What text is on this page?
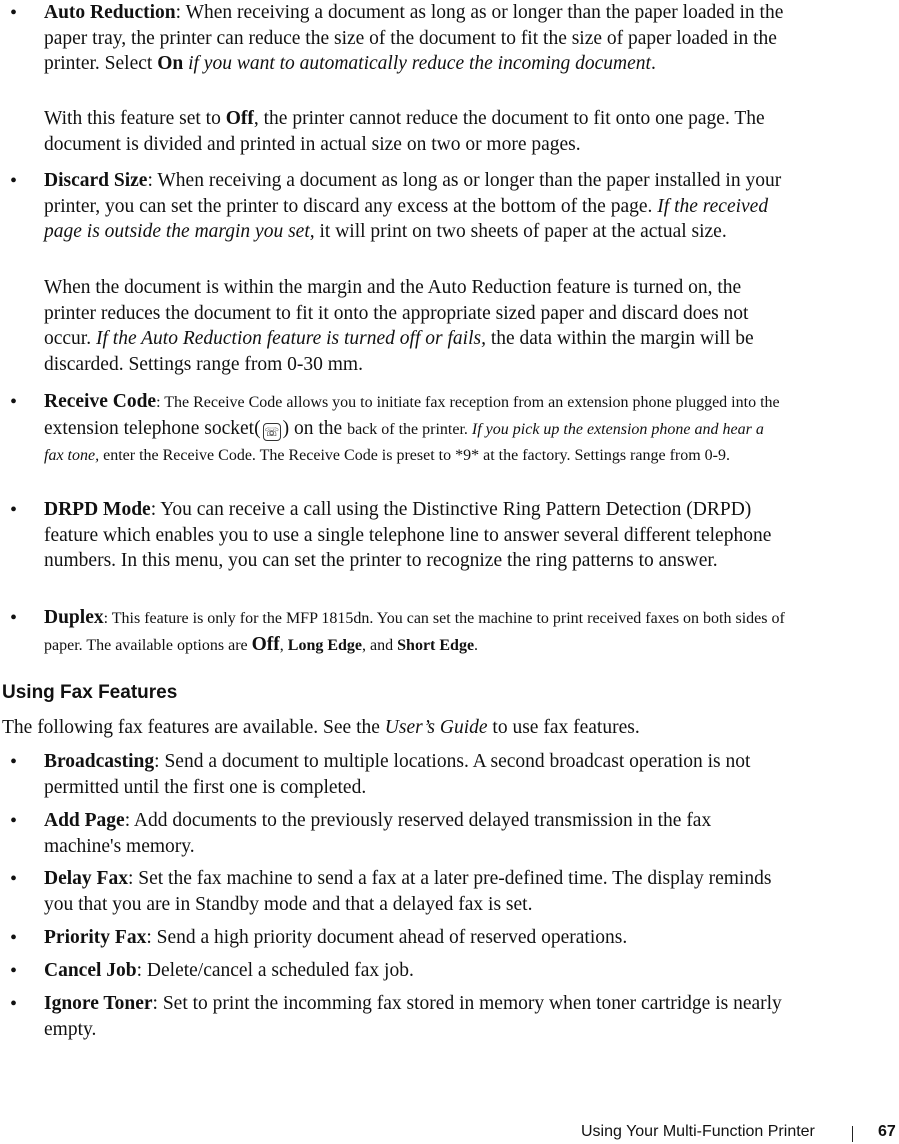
• Auto Reduction: When receiving a document as long as or longer than the paper loaded in the paper tray, the printer can reduce the size of the document to fit the size of paper loaded in the printer. Select On if you want to automatically reduce the incoming document.
With this feature set to Off, the printer cannot reduce the document to fit onto one page. The document is divided and printed in actual size on two or more pages.
• Discard Size: When receiving a document as long as or longer than the paper installed in your printer, you can set the printer to discard any excess at the bottom of the page. If the received page is outside the margin you set, it will print on two sheets of paper at the actual size.
When the document is within the margin and the Auto Reduction feature is turned on, the printer reduces the document to fit it onto the appropriate sized paper and discard does not occur. If the Auto Reduction feature is turned off or fails, the data within the margin will be discarded. Settings range from 0-30 mm.
• Receive Code: The Receive Code allows you to initiate fax reception from an extension phone plugged into the extension telephone socket( ☏ ) on the back of the printer. If you pick up the extension phone and hear a fax tone, enter the Receive Code. The Receive Code is preset to *9* at the factory. Settings range from 0-9.
• DRPD Mode: You can receive a call using the Distinctive Ring Pattern Detection (DRPD) feature which enables you to use a single telephone line to answer several different telephone numbers. In this menu, you can set the printer to recognize the ring patterns to answer.
• Duplex: This feature is only for the MFP 1815dn. You can set the machine to print received faxes on both sides of paper. The available options are Off, Long Edge, and Short Edge.
Using Fax Features
The following fax features are available. See the User’s Guide to use fax features.
• Broadcasting: Send a document to multiple locations. A second broadcast operation is not permitted until the first one is completed.
• Add Page: Add documents to the previously reserved delayed transmission in the fax machine's memory.
• Delay Fax: Set the fax machine to send a fax at a later pre-defined time. The display reminds you that you are in Standby mode and that a delayed fax is set.
• Priority Fax: Send a high priority document ahead of reserved operations.
• Cancel Job: Delete/cancel a scheduled fax job.
• Ignore Toner: Set to print the incomming fax stored in memory when toner cartridge is nearly empty.
Using Your Multi-Function Printer	67
